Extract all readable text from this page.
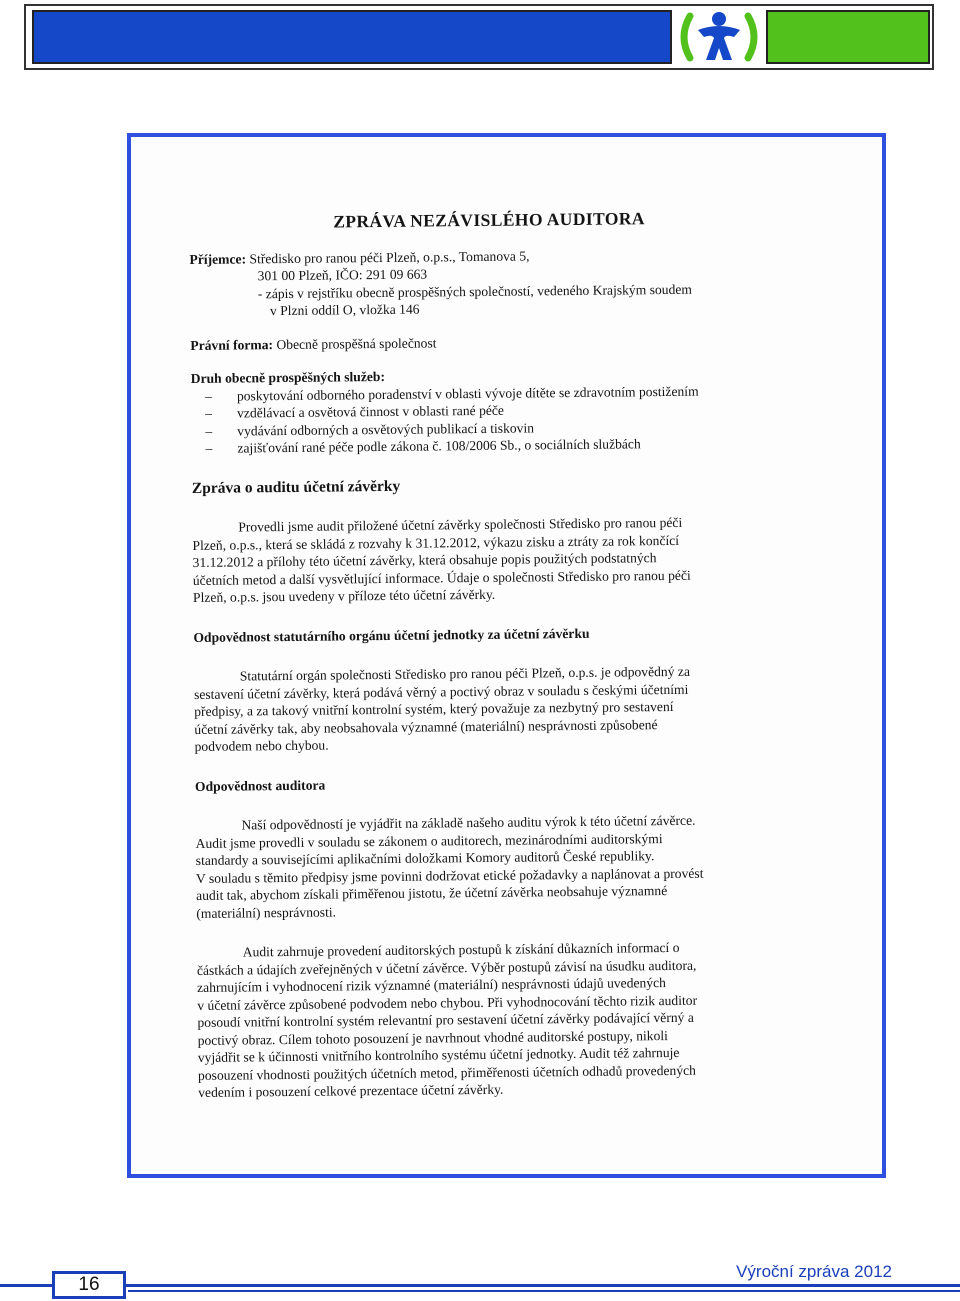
ZPRÁVA NEZÁVISLÉHO AUDITORA

Příjemce: Středisko pro ranou péči Plzeň, o.p.s., Tomanova 5,

301 00 Plzeň, IČO: 291 09 663

- zápis v rejstříku obecně prospěšných společností, vedeného Krajským soudem

v Plzni oddíl O, vložka 146

Právní forma: Obecně prospěšná společnost

Druh obecně prospěšných služeb:

– poskytování odborného poradenství v oblasti vývoje dítěte se zdravotním postižením

– vzdělávací a osvětová činnost v oblasti rané péče

– vydávání odborných a osvětových publikací a tiskovin

– zajišťování rané péče podle zákona č. 108/2006 Sb., o sociálních službách

Zpráva o auditu účetní závěrky

Provedli jsme audit přiložené účetní závěrky společnosti Středisko pro ranou péči
Plzeň, o.p.s., která se skládá z rozvahy k 31.12.2012, výkazu zisku a ztráty za rok končící
31.12.2012 a přílohy této účetní závěrky, která obsahuje popis použitých podstatných
účetních metod a další vysvětlující informace. Údaje o společnosti Středisko pro ranou péči
Plzeň, o.p.s. jsou uvedeny v příloze této účetní závěrky.

Odpovědnost statutárního orgánu účetní jednotky za účetní závěrku

Statutární orgán společnosti Středisko pro ranou péči Plzeň, o.p.s. je odpovědný za
sestavení účetní závěrky, která podává věrný a poctivý obraz v souladu s českými účetními
předpisy, a za takový vnitřní kontrolní systém, který považuje za nezbytný pro sestavení
účetní závěrky tak, aby neobsahovala významné (materiální) nesprávnosti způsobené
podvodem nebo chybou.

Odpovědnost auditora

Naší odpovědností je vyjádřit na základě našeho auditu výrok k této účetní závěrce.
Audit jsme provedli v souladu se zákonem o auditorech, mezinárodními auditorskými
standardy a souvisejícími aplikačními doložkami Komory auditorů České republiky.
V souladu s těmito předpisy jsme povinni dodržovat etické požadavky a naplánovat a provést
audit tak, abychom získali přiměřenou jistotu, že účetní závěrka neobsahuje významné
(materiální) nesprávnosti.
Audit zahrnuje provedení auditorských postupů k získání důkazních informací o
částkách a údajích zveřejněných v účetní závěrce. Výběr postupů závisí na úsudku auditora,
zahrnujícím i vyhodnocení rizik významné (materiální) nesprávnosti údajů uvedených
v účetní závěrce způsobené podvodem nebo chybou. Při vyhodnocování těchto rizik auditor
posoudí vnitřní kontrolní systém relevantní pro sestavení účetní závěrky podávající věrný a
poctivý obraz. Cílem tohoto posouzení je navrhnout vhodné auditorské postupy, nikoli
vyjádřit se k účinnosti vnitřního kontrolního systému účetní jednotky. Audit též zahrnuje
posouzení vhodnosti použitých účetních metod, přiměřenosti účetních odhadů provedených
vedením i posouzení celkové prezentace účetní závěrky.
16
Výroční zpráva 2012
